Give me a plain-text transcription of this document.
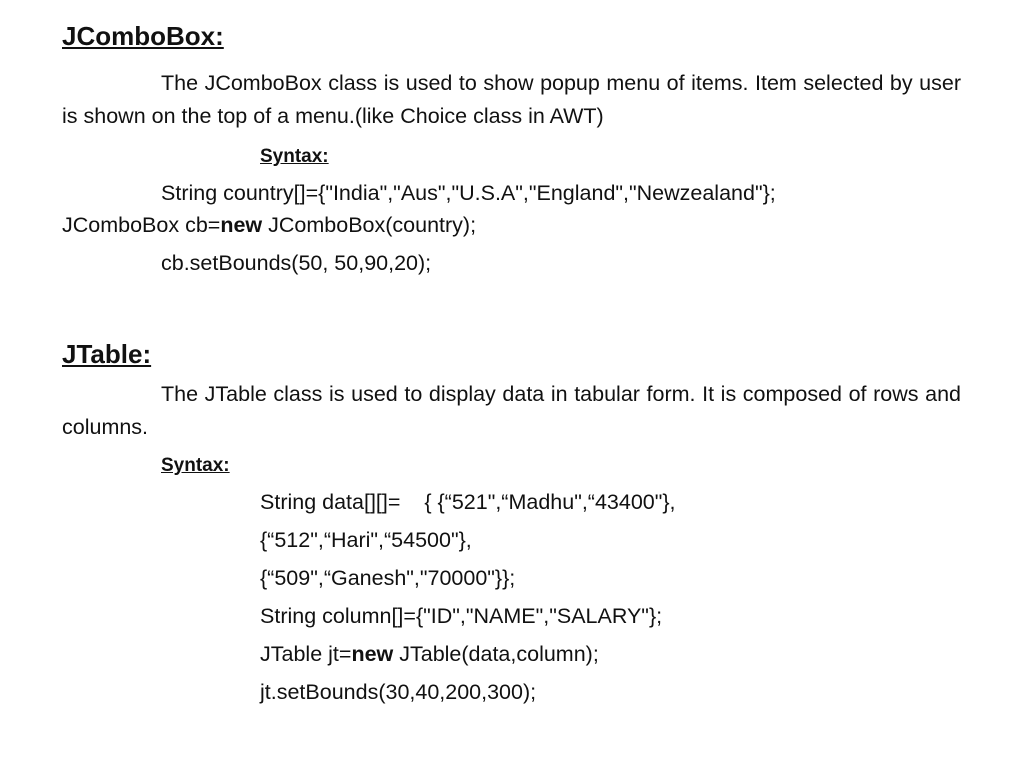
JComboBox:

The JComboBox class is used to show popup menu of items. Item selected by user is shown on the top of a menu.(like Choice class in AWT)

Syntax:
String country[]={"India","Aus","U.S.A","England","Newzealand"};
JComboBox cb=new JComboBox(country);
cb.setBounds(50, 50,90,20);
JTable:

The JTable class is used to display data in tabular form. It is composed of rows and columns.

Syntax:
String data[][]=    { {“521",“Madhu",“43400"},
{“512",“Hari",“54500"},
{“509",“Ganesh","70000"}};
String column[]={"ID","NAME","SALARY"};
JTable jt=new JTable(data,column);
jt.setBounds(30,40,200,300);
